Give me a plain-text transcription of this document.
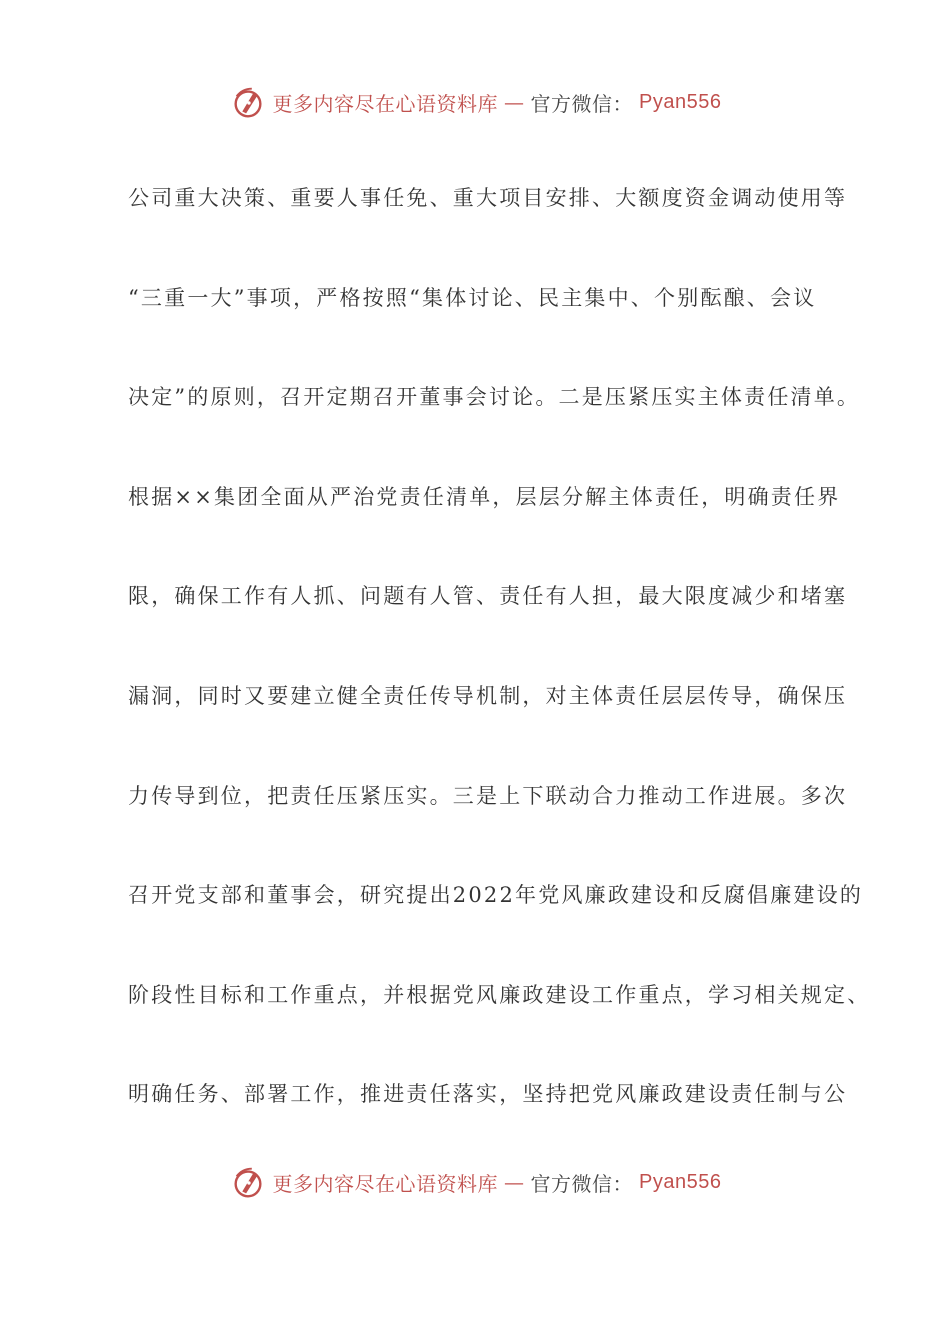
更多内容尽在心语资料库 — 官方微信： Pyan556
公司重大决策、重要人事任免、重大项目安排、大额度资金调动使用等
“三重一大”事项，严格按照“集体讨论、民主集中、个别酝酿、会议
决定”的原则，召开定期召开董事会讨论。二是压紧压实主体责任清单。
根据××集团全面从严治党责任清单，层层分解主体责任，明确责任界
限，确保工作有人抓、问题有人管、责任有人担，最大限度减少和堵塞
漏洞，同时又要建立健全责任传导机制，对主体责任层层传导，确保压
力传导到位，把责任压紧压实。三是上下联动合力推动工作进展。多次
召开党支部和董事会，研究提出2022年党风廉政建设和反腐倡廉建设的
阶段性目标和工作重点，并根据党风廉政建设工作重点，学习相关规定、
明确任务、部署工作，推进责任落实，坚持把党风廉政建设责任制与公
更多内容尽在心语资料库 — 官方微信： Pyan556
